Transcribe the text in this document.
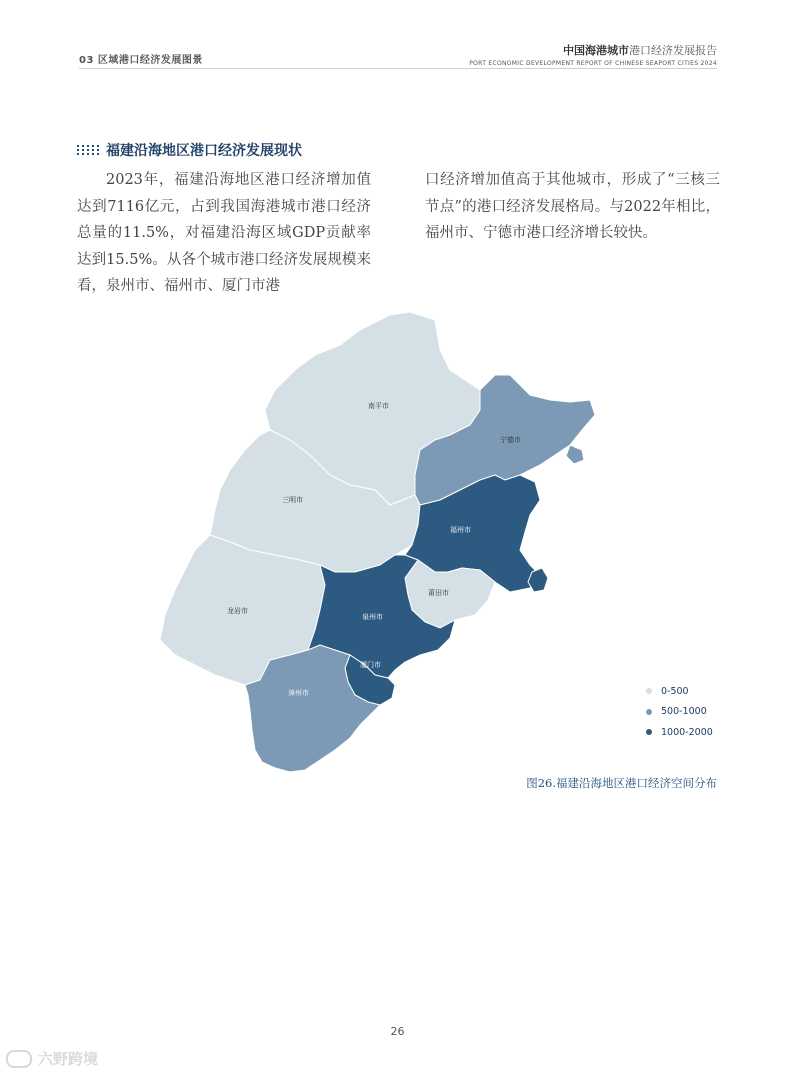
03 区域港口经济发展图景
中国海港城市港口经济发展报告
PORT ECONOMIC DEVELOPMENT REPORT OF CHINESE SEAPORT CITIES 2024
福建沿海地区港口经济发展现状
2023年，福建沿海地区港口经济增加值达到7116亿元，占到我国海港城市港口经济总量的11.5%，对福建沿海区域GDP贡献率达到15.5%。从各个城市港口经济发展规模来看，泉州市、福州市、厦门市港
口经济增加值高于其他城市，形成了“三核三节点”的港口经济发展格局。与2022年相比，福州市、宁德市港口经济增长较快。
南平市
宁德市
三明市
福州市
莆田市
龙岩市
泉州市
厦门市
漳州市	0-500
500-1000
1000-2000
图26.福建沿海地区港口经济空间分布
26
六野跨境
